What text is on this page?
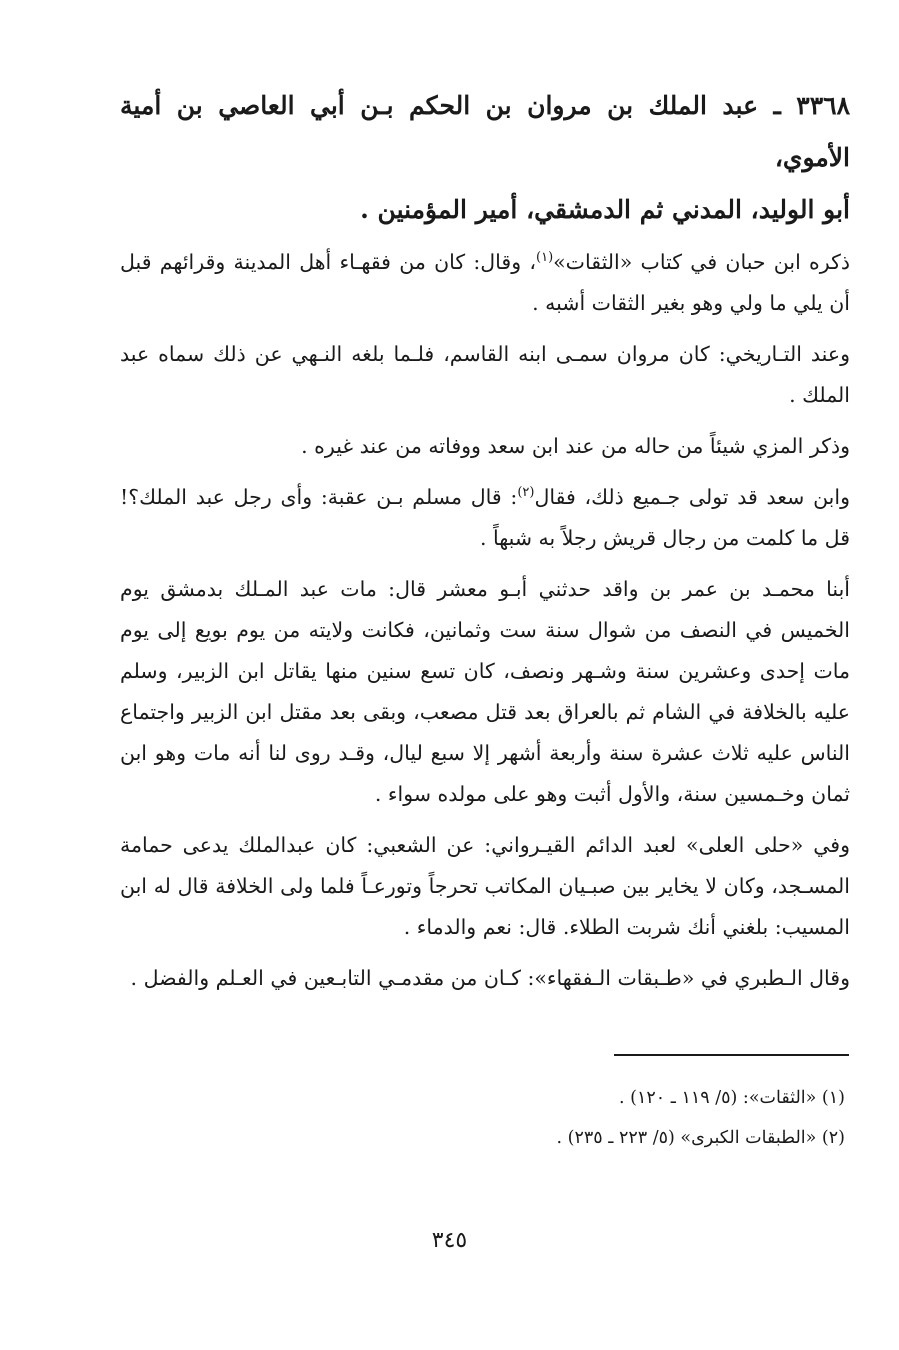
٣٣٦٨ ـ عبد الملك بن مروان بن الحكم بـن أبي العاصي بن أمية الأموي،
أبو الوليد، المدني ثم الدمشقي، أمير المؤمنين .

ذكره ابن حبان في كتاب «الثقات»$^{(١)}$، وقال: كان من فقهـاء أهل المدينة وقرائهم قبل أن يلي ما ولي وهو بغير الثقات أشبه .

وعند التـاريخي: كان مروان سمـى ابنه القاسم، فلـما بلغه النـهي عن ذلك سماه عبد الملك .

وذكر المزي شيئاً من حاله من عند ابن سعد ووفاته من عند غيره .

وابن سعد قد تولى جـميع ذلك، فقال$^{(٢)}$: قال مسلم بـن عقبة: وأى رجل عبد الملك؟! قل ما كلمت من رجال قريش رجلاً به شبهاً .

أبنا محمـد بن عمر بن واقد حدثني أبـو معشر قال: مات عبد المـلك بدمشق يوم الخميس في النصف من شوال سنة ست وثمانين، فكانت ولايته من يوم بويع إلى يوم مات إحدى وعشرين سنة وشـهر ونصف، كان تسع سنين منها يقاتل ابن الزبير، وسلم عليه بالخلافة في الشام ثم بالعراق بعد قتل مصعب، وبقى بعد مقتل ابن الزبير واجتماع الناس عليه ثلاث عشرة سنة وأربعة أشهر إلا سبع ليال، وقـد روى لنا أنه مات وهو ابن ثمان وخـمسين سنة، والأول أثبت وهو على مولده سواء .

وفي «حلى العلى» لعبد الدائم القيـرواني: عن الشعبي: كان عبدالملك يدعى حمامة المسـجد، وكان لا يخاير بين صبـيان المكاتب تحرجاً وتورعـاً فلما ولى الخلافة قال له ابن المسيب: بلغني أنك شربت الطلاء. قال: نعم والدماء .

وقال الـطبري في «طـبقات الـفقهاء»: كـان من مقدمـي التابـعين في العـلم والفضل .

(١) «الثقات»: (٥/ ١١٩ ـ ١٢٠) .
(٢) «الطبقات الكبرى» (٥/ ٢٢٣ ـ ٢٣٥) .
٣٤٥
